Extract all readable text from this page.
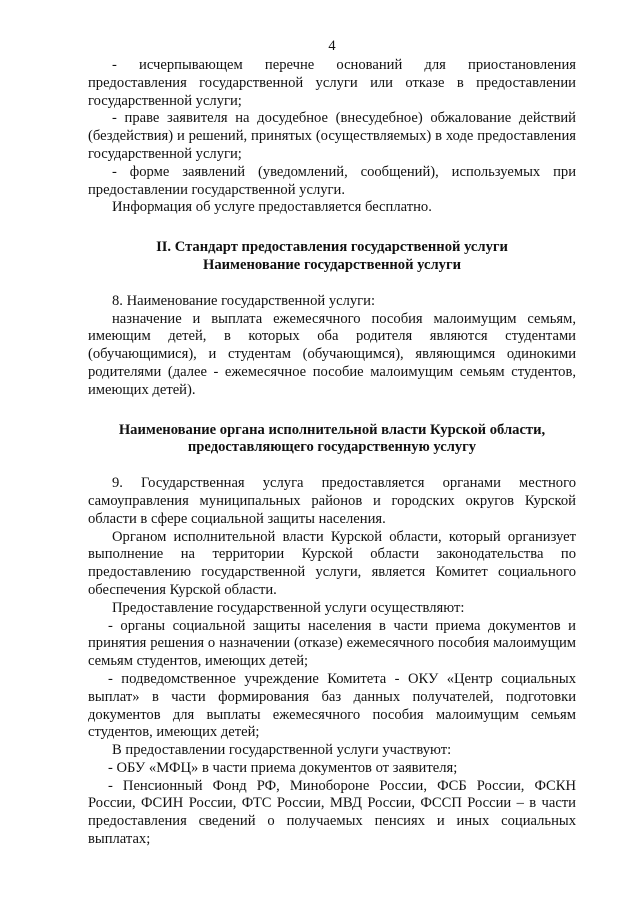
4

- исчерпывающем перечне оснований для приостановления предоставления государственной услуги или отказе в предоставлении государственной услуги;

- праве заявителя на досудебное (внесудебное) обжалование действий (бездействия) и решений, принятых (осуществляемых) в ходе предоставления государственной услуги;

- форме заявлений (уведомлений, сообщений), используемых при предоставлении государственной услуги.

Информация об услуге предоставляется бесплатно.

II. Стандарт предоставления государственной услуги
Наименование государственной услуги

8. Наименование государственной услуги:

назначение и выплата ежемесячного пособия малоимущим семьям, имеющим детей, в которых оба родителя являются студентами (обучающимися), и студентам (обучающимся), являющимся одинокими родителями (далее - ежемесячное пособие малоимущим семьям студентов, имеющих детей).

Наименование органа исполнительной власти Курской области,
предоставляющего государственную услугу

9. Государственная услуга предоставляется органами местного самоуправления муниципальных районов и городских округов Курской области в сфере социальной защиты населения.

Органом исполнительной власти Курской области, который организует выполнение на территории Курской области законодательства по предоставлению государственной услуги, является Комитет социального обеспечения Курской области.

Предоставление государственной услуги осуществляют:

- органы социальной защиты населения в части приема документов и принятия решения о назначении (отказе) ежемесячного пособия малоимущим семьям студентов, имеющих детей;

- подведомственное учреждение Комитета - ОКУ «Центр социальных выплат» в части формирования баз данных получателей, подготовки документов для выплаты ежемесячного пособия малоимущим семьям студентов, имеющих детей;

В предоставлении государственной услуги участвуют:

- ОБУ «МФЦ» в части приема документов от заявителя;

- Пенсионный Фонд РФ, Минобороне России, ФСБ России, ФСКН России, ФСИН России, ФТС России, МВД России, ФССП России – в части предоставления сведений о получаемых пенсиях и иных социальных выплатах;
